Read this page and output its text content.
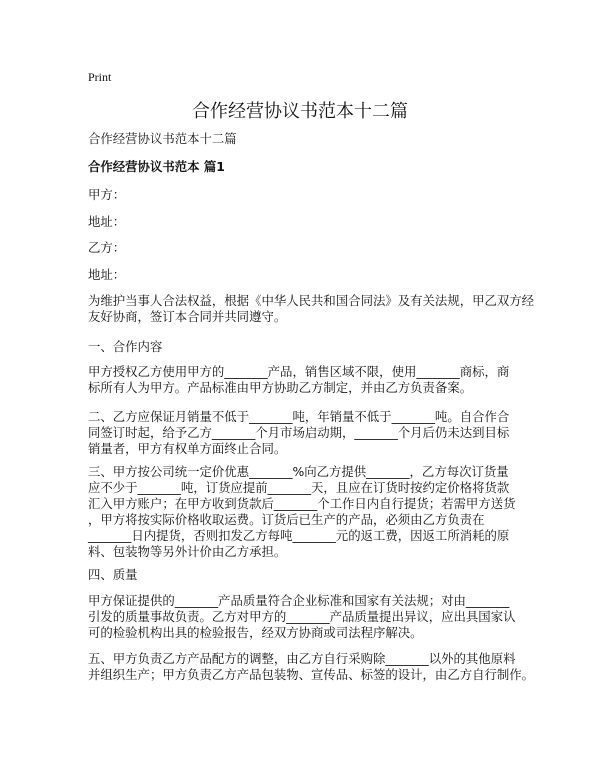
Print
合作经营协议书范本十二篇
合作经营协议书范本十二篇
合作经营协议书范本 篇1
甲方：
地址：
乙方：
地址：
为维护当事人合法权益，根据《中华人民共和国合同法》及有关法规，甲乙双方经
友好协商，签订本合同并共同遵守。
一、合作内容
甲方授权乙方使用甲方的_______产品，销售区域不限，使用_______商标，商
标所有人为甲方。产品标准由甲方协助乙方制定，并由乙方负责备案。
二、乙方应保证月销量不低于_______吨，年销量不低于_______吨。自合作合
同签订时起，给予乙方_______个月市场启动期，_______个月后仍未达到目标
销量者，甲方有权单方面终止合同。
三、甲方按公司统一定价优惠_______%向乙方提供_______，乙方每次订货量
应不少于_______吨，订货应提前_______天，且应在订货时按约定价格将货款
汇入甲方账户；在甲方收到货款后_______个工作日内自行提货；若需甲方送货
，甲方将按实际价格收取运费。订货后已生产的产品，必须由乙方负责在
_______日内提货，否则扣发乙方每吨_______元的返工费，因返工所消耗的原
料、包装物等另外计价由乙方承担。
四、质量
甲方保证提供的_______产品质量符合企业标准和国家有关法规；对由_______
引发的质量事故负责。乙方对甲方的_______产品质量提出异议，应出具国家认
可的检验机构出具的检验报告，经双方协商或司法程序解决。
五、甲方负责乙方产品配方的调整，由乙方自行采购除_______以外的其他原料
并组织生产；甲方负责乙方产品包装物、宣传品、标签的设计，由乙方自行制作。
